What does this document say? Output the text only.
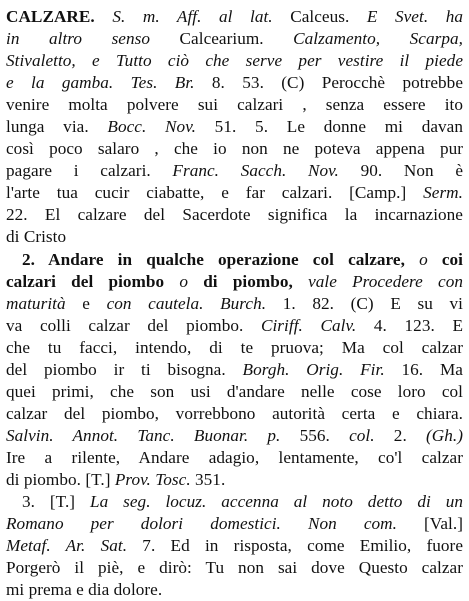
CALZARE. S. m. Aff. al lat. Calceus. E Svet. ha
in altro senso Calcearium. Calzamento, Scarpa,
Stivaletto, e Tutto ciò che serve per vestire il piede
e la gamba. Tes. Br. 8. 53. (C) Perocchè potrebbe
venire molta polvere sui calzari , senza essere ito
lunga via. Bocc. Nov. 51. 5. Le donne mi davan
così poco salaro , che io non ne poteva appena pur
pagare i calzari. Franc. Sacch. Nov. 90. Non è
l'arte tua cucir ciabatte, e far calzari. [Camp.] Serm.
22. El calzare del Sacerdote significa la incarnazione
di Cristo
2. Andare in qualche operazione col calzare, o coi
calzari del piombo o di piombo, vale Procedere con
maturità e con cautela. Burch. 1. 82. (C) E su vi
va colli calzar del piombo. Ciriff. Calv. 4. 123. E
che tu facci, intendo, di te pruova; Ma col calzar
del piombo ir ti bisogna. Borgh. Orig. Fir. 16. Ma
quei primi, che son usi d'andare nelle cose loro col
calzar del piombo, vorrebbono autorità certa e chiara.
Salvin. Annot. Tanc. Buonar. p. 556. col. 2. (Gh.)
Ire a rilente, Andare adagio, lentamente, co'l calzar
di piombo. [T.] Prov. Tosc. 351.
3. [T.] La seg. locuz. accenna al noto detto di un
Romano per dolori domestici. Non com. [Val.]
Metaf. Ar. Sat. 7. Ed in risposta, come Emilio, fuore
Porgerò il piè, e dirò: Tu non sai dove Questo calzar
mi prema e dia dolore.
